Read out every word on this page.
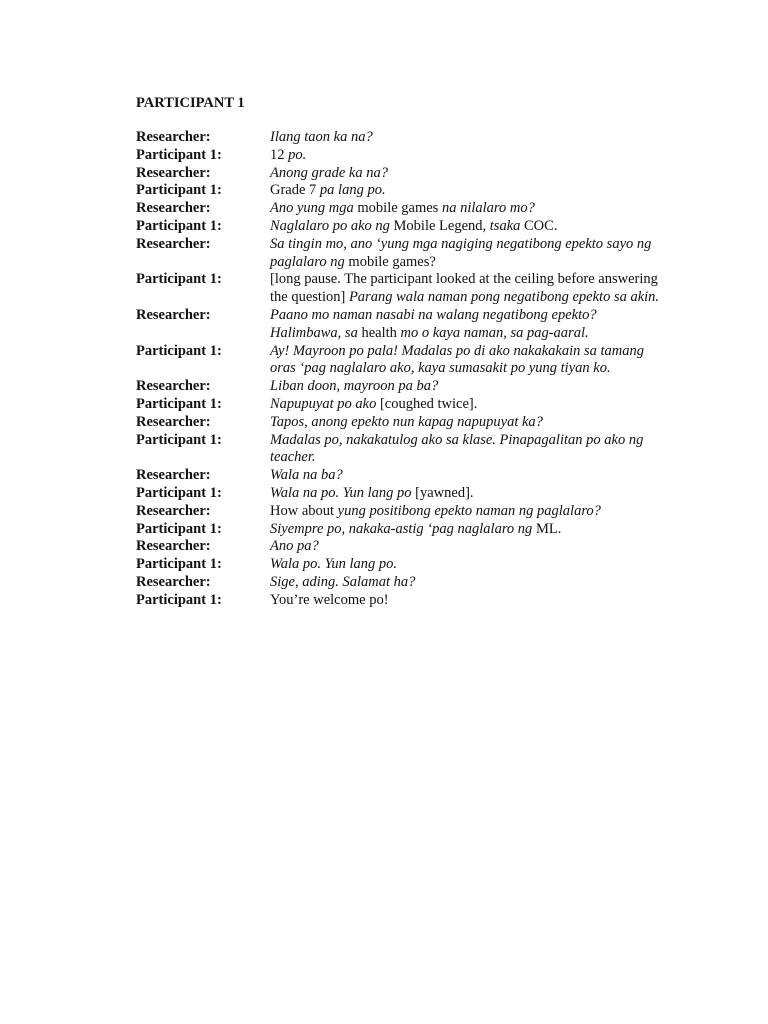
PARTICIPANT 1
Researcher:	Ilang taon ka na?
Participant 1:	12 po.
Researcher:	Anong grade ka na?
Participant 1:	Grade 7 pa lang po.
Researcher:	Ano yung mga mobile games na nilalaro mo?
Participant 1:	Naglalaro po ako ng Mobile Legend, tsaka COC.
Researcher:	Sa tingin mo, ano ‘yung mga nagiging negatibong epekto sayo ng paglalaro ng mobile games?
Participant 1:	[long pause. The participant looked at the ceiling before answering the question] Parang wala naman pong negatibong epekto sa akin.
Researcher:	Paano mo naman nasabi na walang negatibong epekto? Halimbawa, sa health mo o kaya naman, sa pag-aaral.
Participant 1:	Ay! Mayroon po pala! Madalas po di ako nakakakain sa tamang oras ‘pag naglalaro ako, kaya sumasakit po yung tiyan ko.
Researcher:	Liban doon, mayroon pa ba?
Participant 1:	Napupuyat po ako [coughed twice].
Researcher:	Tapos, anong epekto nun kapag napupuyat ka?
Participant 1:	Madalas po, nakakatulog ako sa klase. Pinapagalitan po ako ng teacher.
Researcher:	Wala na ba?
Participant 1:	Wala na po. Yun lang po [yawned].
Researcher:	How about yung positibong epekto naman ng paglalaro?
Participant 1:	Siyempre po, nakaka-astig ‘pag naglalaro ng ML.
Researcher:	Ano pa?
Participant 1:	Wala po. Yun lang po.
Researcher:	Sige, ading. Salamat ha?
Participant 1:	You’re welcome po!
